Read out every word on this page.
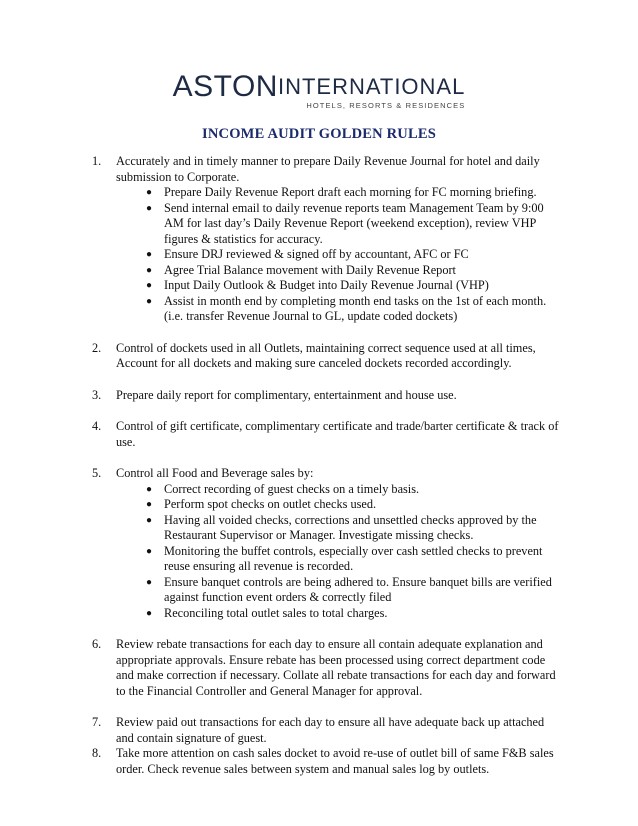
ASTONINTERNATIONAL
HOTELS, RESORTS & RESIDENCES
INCOME AUDIT GOLDEN RULES
1.	Accurately and in timely manner to prepare Daily Revenue Journal for hotel and daily submission to Corporate.
● Prepare Daily Revenue Report draft each morning for FC morning briefing.
● Send internal email to daily revenue reports team Management Team by 9:00 AM for last day’s Daily Revenue Report (weekend exception), review VHP figures & statistics for accuracy.
● Ensure DRJ reviewed & signed off by accountant, AFC or FC
● Agree Trial Balance movement with Daily Revenue Report
● Input Daily Outlook & Budget into Daily Revenue Journal (VHP)
● Assist in month end by completing month end tasks on the 1st of each month. (i.e. transfer Revenue Journal to GL, update coded dockets)
2.	Control of dockets used in all Outlets, maintaining correct sequence used at all times, Account for all dockets and making sure canceled dockets recorded accordingly.
3.	Prepare daily report for complimentary, entertainment and house use.
4.	Control of gift certificate, complimentary certificate and trade/barter certificate & track of use.
5.	Control all Food and Beverage sales by:
● Correct recording of guest checks on a timely basis.
● Perform spot checks on outlet checks used.
● Having all voided checks, corrections and unsettled checks approved by the Restaurant Supervisor or Manager. Investigate missing checks.
● Monitoring the buffet controls, especially over cash settled checks to prevent reuse ensuring all revenue is recorded.
● Ensure banquet controls are being adhered to. Ensure banquet bills are verified against function event orders & correctly filed
● Reconciling total outlet sales to total charges.
6.	Review rebate transactions for each day to ensure all contain adequate explanation and appropriate approvals. Ensure rebate has been processed using correct department code and make correction if necessary. Collate all rebate transactions for each day and forward to the Financial Controller and General Manager for approval.
7.	Review paid out transactions for each day to ensure all have adequate back up attached and contain signature of guest.
8.	Take more attention on cash sales docket to avoid re-use of outlet bill of same F&B sales order. Check revenue sales between system and manual sales log by outlets.
